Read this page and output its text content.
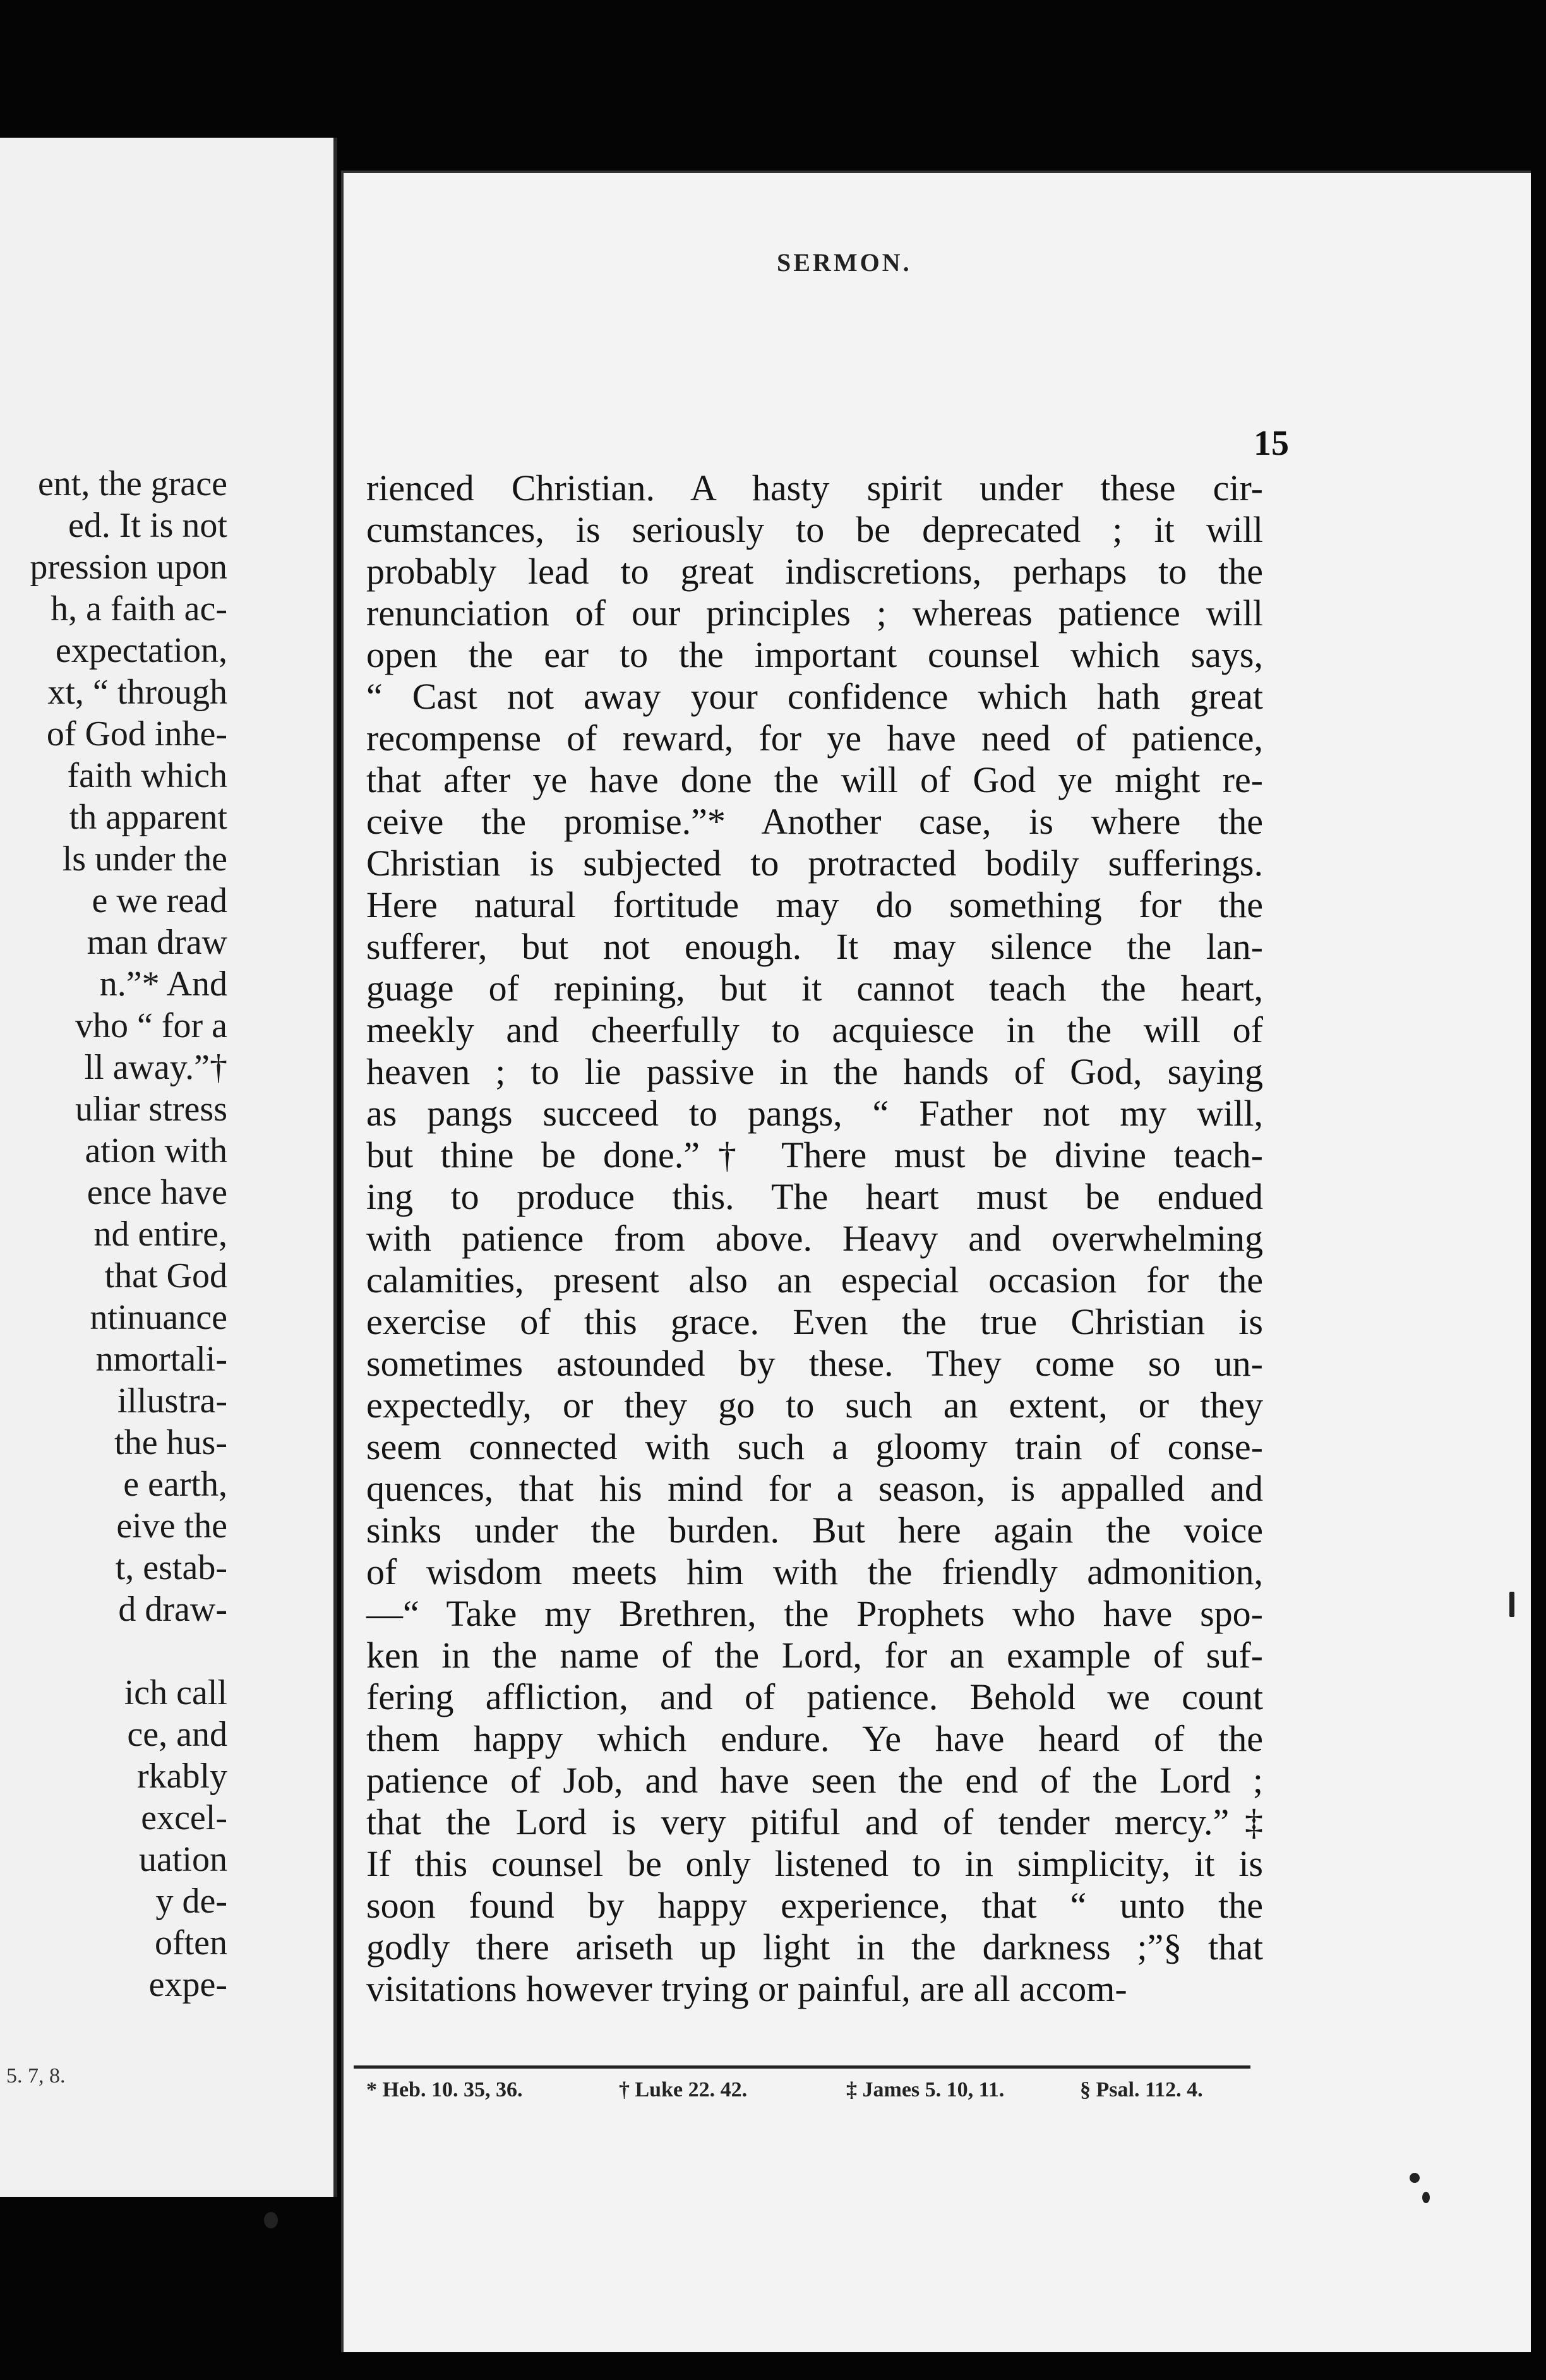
ent, the grace
ed. It is not
pression upon
h, a faith ac-
expectation,
xt, “ through
of God inhe-
faith which
th apparent
ls under the
e we read
man draw
n.”* And
vho “ for a
ll away.”†
uliar stress
ation with
ence have
nd entire,
that God
ntinuance
nmortali-
illustra-
the hus-
e earth,
eive the
t, estab-
d draw-
ich call
ce, and
rkably
excel-
uation
y de-
often
expe-
5. 7, 8.
SERMON.
15
rienced Christian. A hasty spirit under these cir-
cumstances, is seriously to be deprecated ; it will
probably lead to great indiscretions, perhaps to the
renunciation of our principles ; whereas patience will
open the ear to the important counsel which says,
“ Cast not away your confidence which hath great
recompense of reward, for ye have need of patience,
that after ye have done the will of God ye might re-
ceive the promise.”* Another case, is where the
Christian is subjected to protracted bodily sufferings.
Here natural fortitude may do something for the
sufferer, but not enough. It may silence the lan-
guage of repining, but it cannot teach the heart,
meekly and cheerfully to acquiesce in the will of
heaven ; to lie passive in the hands of God, saying
as pangs succeed to pangs, “ Father not my will,
but thine be done.”† There must be divine teach-
ing to produce this. The heart must be endued
with patience from above. Heavy and overwhelming
calamities, present also an especial occasion for the
exercise of this grace. Even the true Christian is
sometimes astounded by these. They come so un-
expectedly, or they go to such an extent, or they
seem connected with such a gloomy train of conse-
quences, that his mind for a season, is appalled and
sinks under the burden. But here again the voice
of wisdom meets him with the friendly admonition,
—“ Take my Brethren, the Prophets who have spo-
ken in the name of the Lord, for an example of suf-
fering affliction, and of patience. Behold we count
them happy which endure. Ye have heard of the
patience of Job, and have seen the end of the Lord ;
that the Lord is very pitiful and of tender mercy.”‡
If this counsel be only listened to in simplicity, it is
soon found by happy experience, that “ unto the
godly there ariseth up light in the darkness ;”§ that
visitations however trying or painful, are all accom-
* Heb. 10. 35, 36.	† Luke 22. 42.	‡ James 5. 10, 11.	§ Psal. 112. 4.
